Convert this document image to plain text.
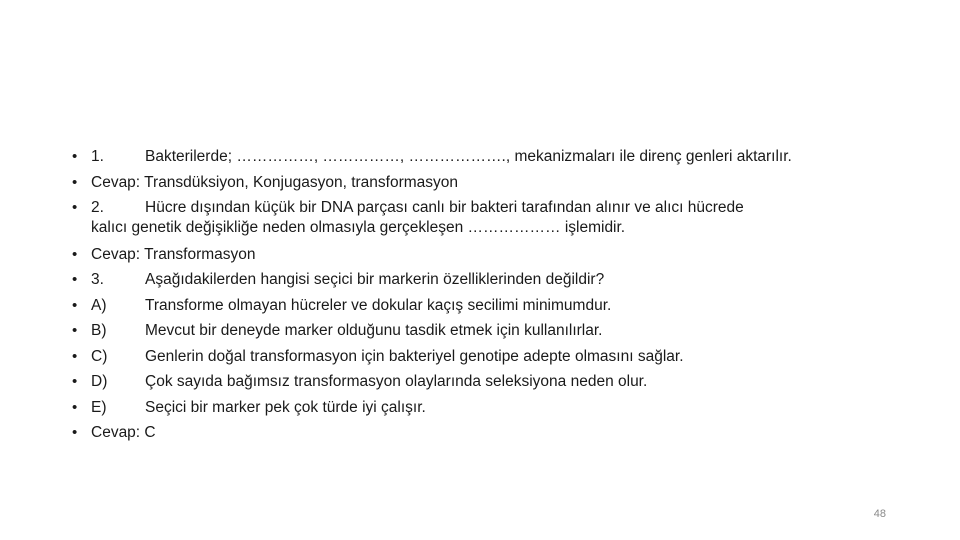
• 1.	Bakterilerde; ……………, ……………, ………………., mekanizmaları ile direnç genleri aktarılır.
• Cevap: Transdüksiyon, Konjugasyon, transformasyon
• 2.	Hücre dışından küçük bir DNA parçası canlı bir bakteri tarafından alınır ve alıcı hücrede
kalıcı genetik değişikliğe neden olmasıyla gerçekleşen ……………… işlemidir.
• Cevap: Transformasyon
• 3.	Aşağıdakilerden hangisi seçici bir markerin özelliklerinden değildir?
• A)	Transforme olmayan hücreler ve dokular kaçış secilimi minimumdur.
• B)	Mevcut bir deneyde marker olduğunu tasdik etmek için kullanılırlar.
• C)	Genlerin doğal transformasyon için bakteriyel genotipe adepte olmasını sağlar.
• D)	Çok sayıda bağımsız transformasyon olaylarında seleksiyona neden olur.
• E)	Seçici bir marker pek çok türde iyi çalışır.
• Cevap: C
48
